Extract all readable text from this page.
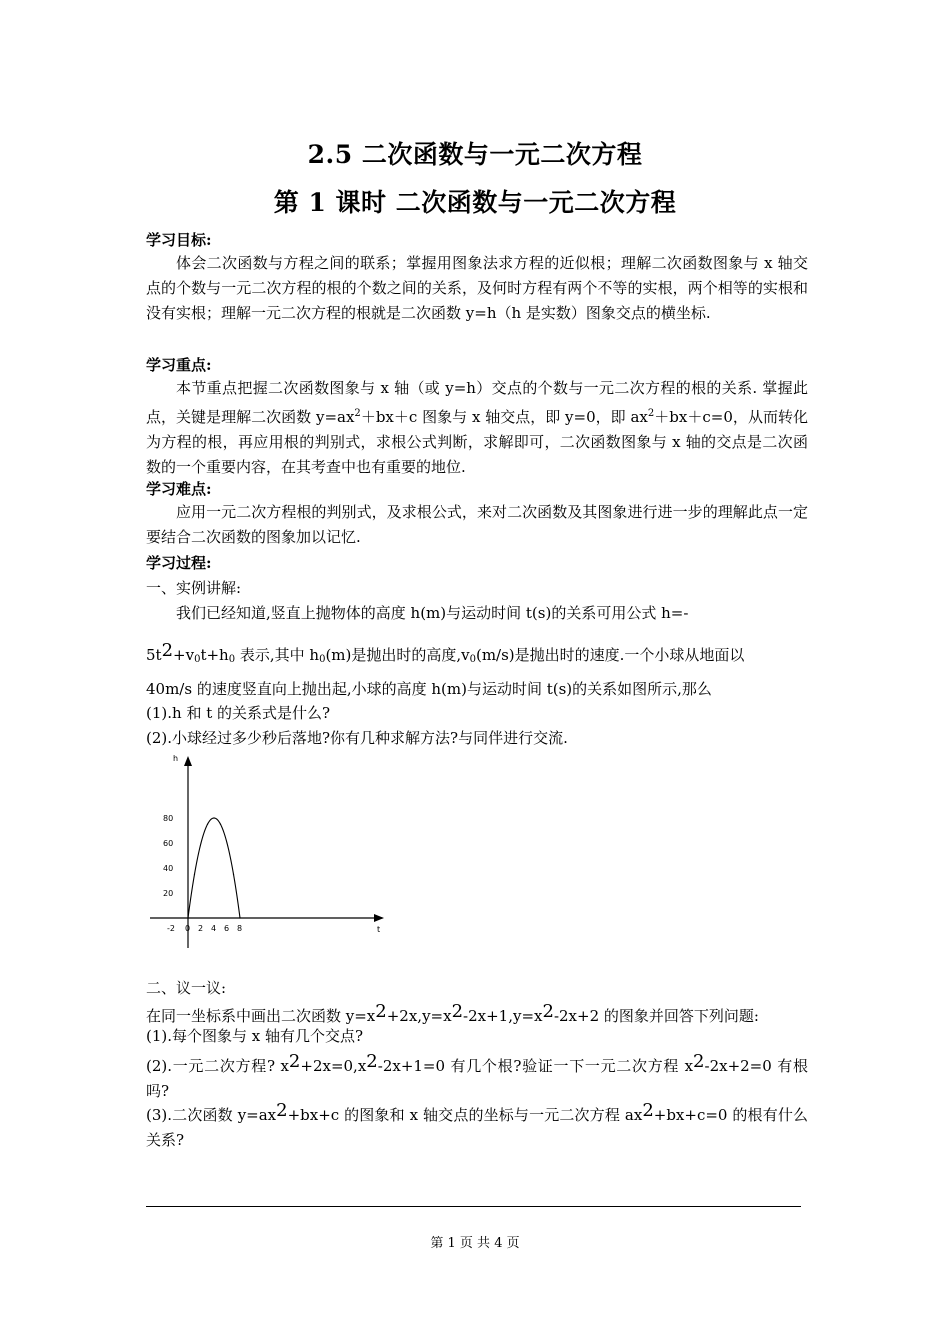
2.5 二次函数与一元二次方程
第 1 课时 二次函数与一元二次方程
学习目标:
体会二次函数与方程之间的联系；掌握用图象法求方程的近似根；理解二次函数图象与 x 轴交点的个数与一元二次方程的根的个数之间的关系，及何时方程有两个不等的实根，两个相等的实根和没有实根；理解一元二次方程的根就是二次函数 y=h（h 是实数）图象交点的横坐标.
学习重点:
本节重点把握二次函数图象与 x 轴（或 y=h）交点的个数与一元二次方程的根的关系. 掌握此点，关键是理解二次函数 $y=ax^2+bx+c$ 图象与 x 轴交点，即 y=0，即 $ax^2+bx+c=0$，从而转化为方程的根，再应用根的判别式，求根公式判断，求解即可，二次函数图象与 x 轴的交点是二次函数的一个重要内容，在其考查中也有重要的地位.
学习难点:
应用一元二次方程根的判别式，及求根公式，来对二次函数及其图象进行进一步的理解此点一定要结合二次函数的图象加以记忆.
学习过程:
一、实例讲解:
我们已经知道,竖直上抛物体的高度 h(m)与运动时间 t(s)的关系可用公式 h=-
$5t2+v_0t+h_0$ 表示,其中 $h_0(m)$是抛出时的高度$,v_0(m/s)$是抛出时的速度.一个小球从地面以
40m/s 的速度竖直向上抛出起,小球的高度 h(m)与运动时间 t(s)的关系如图所示,那么
(1).h 和 t 的关系式是什么?
(2).小球经过多少秒后落地?你有几种求解方法?与同伴进行交流.
h
t
-2 0 2 4 6 8
20
40
60
80
二、议一议:
在同一坐标系中画出二次函数 y=x2+2x,y=x2-2x+1,y=x2-2x+2 的图象并回答下列问题:
(1).每个图象与 x 轴有几个交点?
(2).一元二次方程? x2+2x=0,x2-2x+1=0 有几个根?验证一下一元二次方程 x2-2x+2=0 有根吗?
(3).二次函数 y=ax2+bx+c 的图象和 x 轴交点的坐标与一元二次方程 ax2+bx+c=0 的根有什么关系?
第 1 页 共 4 页
